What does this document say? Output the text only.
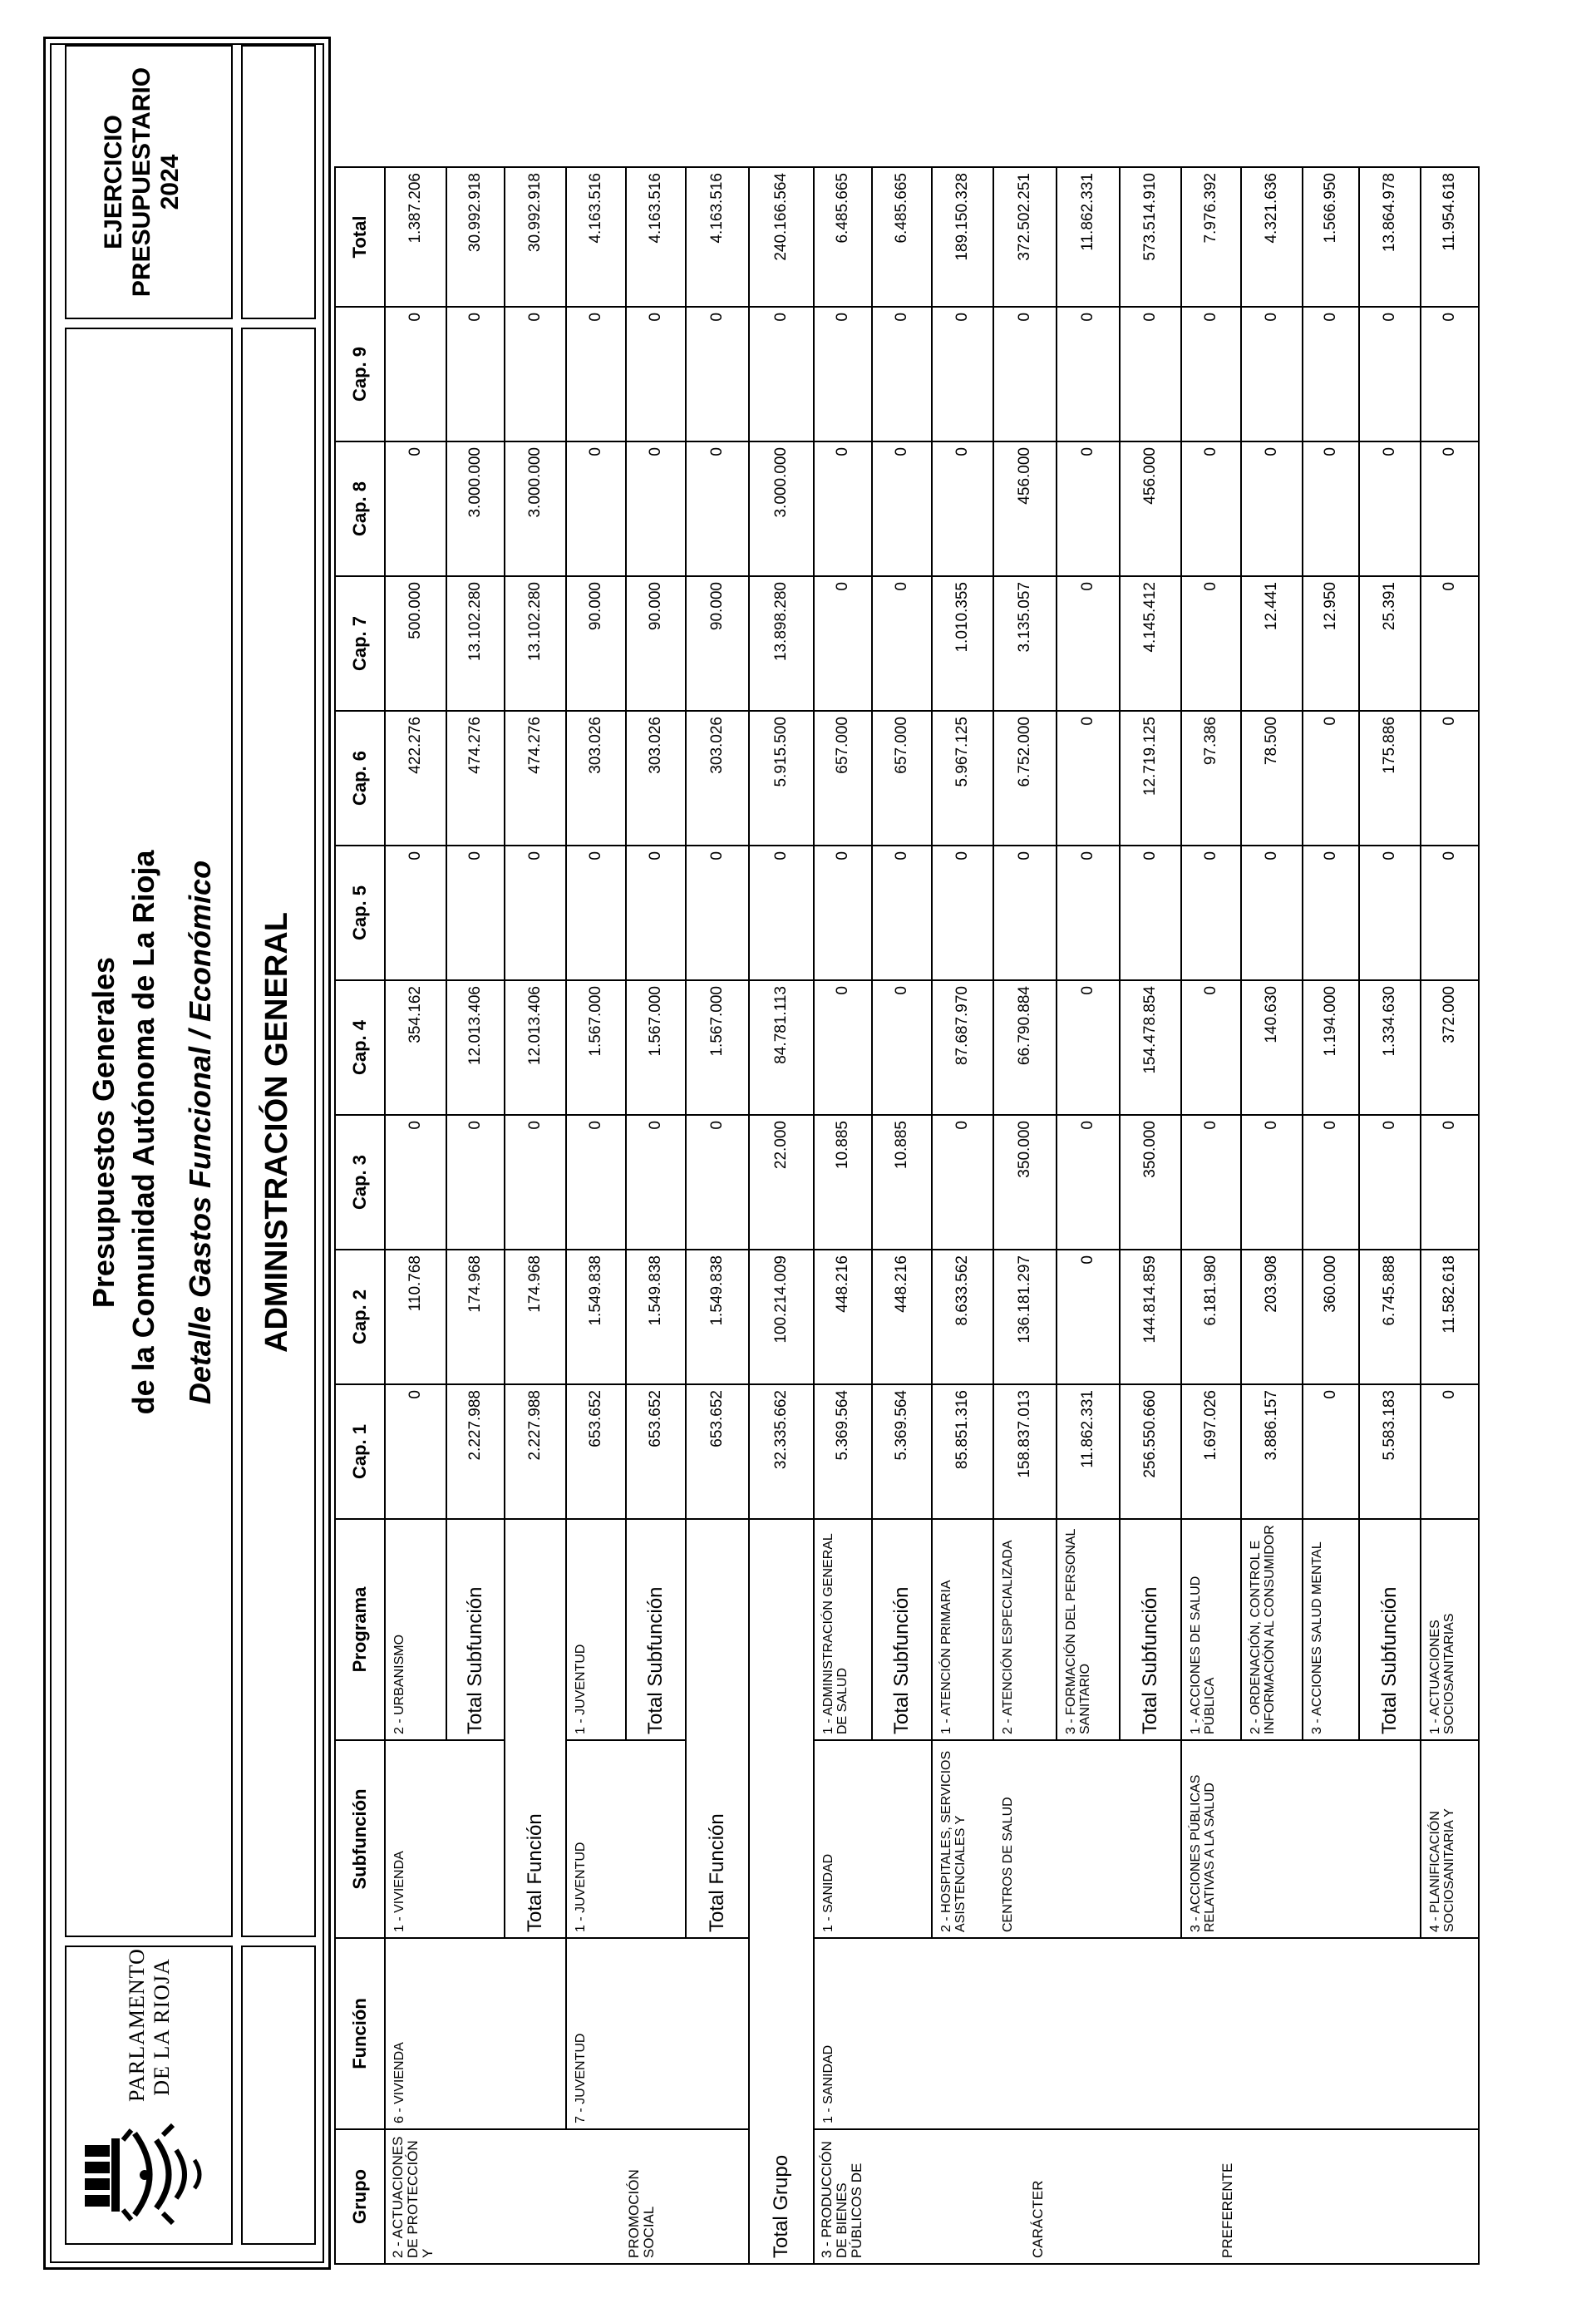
PARLAMENTO DE LA RIOJA
Presupuestos Generales de la Comunidad Autónoma de La Rioja Detalle Gastos Funcional / Económico
EJERCICIO PRESUPUESTARIO 2024
ADMINISTRACIÓN GENERAL
Grupo	Función	Subfunción	Programa	Cap. 1	Cap. 2	Cap. 3	Cap. 4	Cap. 5	Cap. 6	Cap. 7	Cap. 8	Cap. 9	Total

2 - ACTUACIONES DE PROTECCIÓN Y PROMOCIÓN SOCIAL	6 - VIVIENDA	1 - VIVIENDA	2 - URBANISMO	0	110.768	0	354.162	0	422.276	500.000	0	0	1.387.206
			Total Subfunción	2.227.988	174.968	0	12.013.406	0	474.276	13.102.280	3.000.000	0	30.992.918
		Total Función		2.227.988	174.968	0	12.013.406	0	474.276	13.102.280	3.000.000	0	30.992.918
	7 - JUVENTUD	1 - JUVENTUD	1 - JUVENTUD	653.652	1.549.838	0	1.567.000	0	303.026	90.000	0	0	4.163.516
			Total Subfunción	653.652	1.549.838	0	1.567.000	0	303.026	90.000	0	0	4.163.516
		Total Función		653.652	1.549.838	0	1.567.000	0	303.026	90.000	0	0	4.163.516
Total Grupo				32.335.662	100.214.009	22.000	84.781.113	0	5.915.500	13.898.280	3.000.000	0	240.166.564

3 - PRODUCCIÓN DE BIENES PÚBLICOS DE CARÁCTER PREFERENTE	1 - SANIDAD	1 - SANIDAD	1 - ADMINISTRACIÓN GENERAL DE SALUD	5.369.564	448.216	10.885	0	0	657.000	0	0	0	6.485.665
			Total Subfunción	5.369.564	448.216	10.885	0	0	657.000	0	0	0	6.485.665

		2 - HOSPITALES, SERVICIOS ASISTENCIALES Y CENTROS DE SALUD	1 - ATENCIÓN PRIMARIA	85.851.316	8.633.562	0	87.687.970	0	5.967.125	1.010.355	0	0	189.150.328
			2 - ATENCIÓN ESPECIALIZADA	158.837.013	136.181.297	350.000	66.790.884	0	6.752.000	3.135.057	456.000	0	372.502.251
			3 - FORMACIÓN DEL PERSONAL SANITARIO	11.862.331	0	0	0	0	0	0	0	0	11.862.331
			Total Subfunción	256.550.660	144.814.859	350.000	154.478.854	0	12.719.125	4.145.412	456.000	0	573.514.910
		3 - ACCIONES PÚBLICAS RELATIVAS A LA SALUD	1 - ACCIONES DE SALUD PÚBLICA	1.697.026	6.181.980	0	0	0	97.386	0	0	0	7.976.392
			2 - ORDENACIÓN, CONTROL E INFORMACIÓN AL CONSUMIDOR	3.886.157	203.908	0	140.630	0	78.500	12.441	0	0	4.321.636
			3 - ACCIONES SALUD MENTAL	0	360.000	0	1.194.000	0	0	12.950	0	0	1.566.950
			Total Subfunción	5.583.183	6.745.888	0	1.334.630	0	175.886	25.391	0	0	13.864.978
		4 - PLANIFICACIÓN SOCIOSANITARIA Y	1 - ACTUACIONES SOCIOSANITARIAS	0	11.582.618	0	372.000	0	0	0	0	0	11.954.618
